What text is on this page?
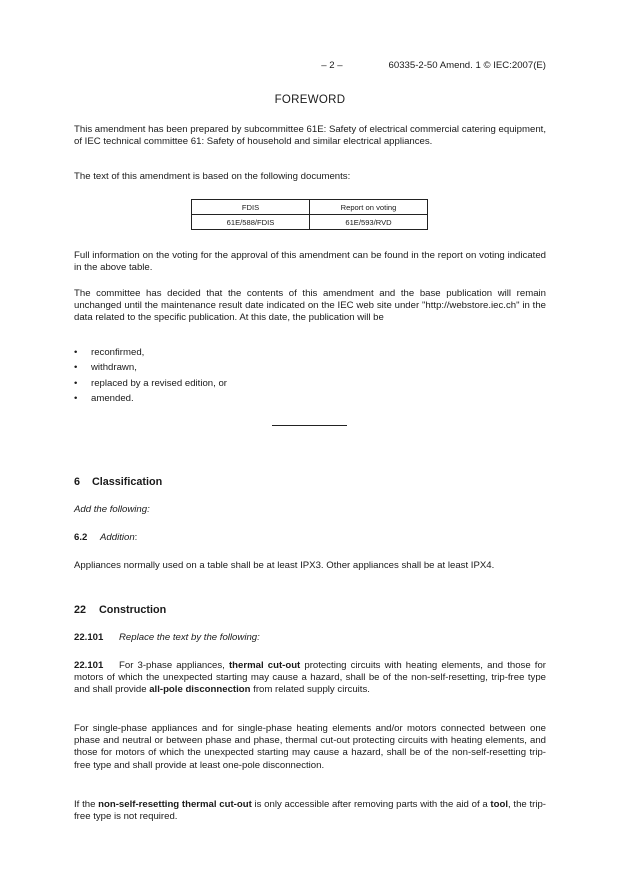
– 2 –	60335-2-50 Amend. 1 © IEC:2007(E)
FOREWORD

This amendment has been prepared by subcommittee 61E: Safety of electrical commercial catering equipment, of IEC technical committee 61: Safety of household and similar electrical appliances.

The text of this amendment is based on the following documents:

FDIS	Report on voting
61E/588/FDIS	61E/593/RVD

Full information on the voting for the approval of this amendment can be found in the report on voting indicated in the above table.

The committee has decided that the contents of this amendment and the base publication will remain unchanged until the maintenance result date indicated on the IEC web site under "http://webstore.iec.ch" in the data related to the specific publication. At this date, the publication will be

• reconfirmed,
• withdrawn,
• replaced by a revised edition, or
• amended.
6 Classification

Add the following:

6.2 Addition:

Appliances normally used on a table shall be at least IPX3. Other appliances shall be at least IPX4.

22 Construction

22.101 Replace the text by the following:

22.101 For 3-phase appliances, thermal cut-out protecting circuits with heating elements, and those for motors of which the unexpected starting may cause a hazard, shall be of the non-self-resetting, trip-free type and shall provide all-pole disconnection from related supply circuits.

For single-phase appliances and for single-phase heating elements and/or motors connected between one phase and neutral or between phase and phase, thermal cut-out protecting circuits with heating elements, and those for motors of which the unexpected starting may cause a hazard, shall be of the non-self-resetting trip-free type and shall provide at least one-pole disconnection.

If the non-self-resetting thermal cut-out is only accessible after removing parts with the aid of a tool, the trip-free type is not required.
